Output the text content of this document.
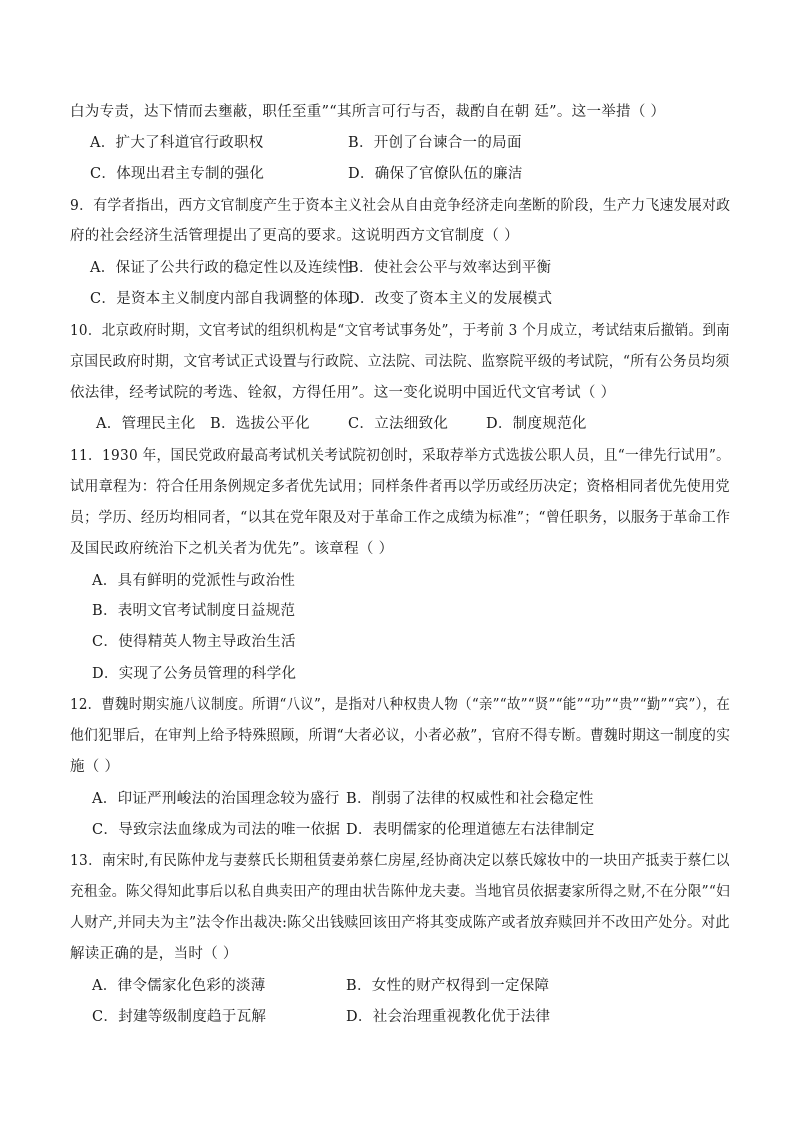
白为专责，达下情而去壅蔽，职任至重”“其所言可行与否，裁酌自在朝 廷”。这一举措（ ）
A．扩大了科道官行政职权	B．开创了台谏合一的局面
C．体现出君主专制的强化	D．确保了官僚队伍的廉洁
9．有学者指出，西方文官制度产生于资本主义社会从自由竞争经济走向垄断的阶段，生产力飞速发展对政
府的社会经济生活管理提出了更高的要求。这说明西方文官制度（ ）
A．保证了公共行政的稳定性以及连续性
B．使社会公平与效率达到平衡
C．是资本主义制度内部自我调整的体现
D．改变了资本主义的发展模式
10．北京政府时期，文官考试的组织机构是“文官考试事务处”，于考前 3 个月成立，考试结束后撤销。到南
京国民政府时期，文官考试正式设置与行政院、立法院、司法院、监察院平级的考试院，“所有公务员均须
依法律，经考试院的考选、铨叙，方得任用”。这一变化说明中国近代文官考试（ ）
A．管理民主化 B．选拔公平化	C．立法细致化	D．制度规范化
11．1930 年，国民党政府最高考试机关考试院初创时，采取荐举方式选拔公职人员，且“一律先行试用”。
试用章程为：符合任用条例规定多者优先试用；同样条件者再以学历或经历决定；资格相同者优先使用党
员；学历、经历均相同者，“以其在党年限及对于革命工作之成绩为标准”；“曾任职务，以服务于革命工作
及国民政府统治下之机关者为优先”。该章程（ ）
A．具有鲜明的党派性与政治性
B．表明文官考试制度日益规范
C．使得精英人物主导政治生活
D．实现了公务员管理的科学化
12．曹魏时期实施八议制度。所谓“八议”，是指对八种权贵人物（“亲”“故”“贤”“能”“功”“贵”“勤”“宾”），在
他们犯罪后，在审判上给予特殊照顾，所谓“大者必议，小者必赦”，官府不得专断。曹魏时期这一制度的实
施（ ）
A．印证严刑峻法的治国理念较为盛行 B．削弱了法律的权威性和社会稳定性
C．导致宗法血缘成为司法的唯一依据 D．表明儒家的伦理道德左右法律制定
13．南宋时,有民陈仲龙与妻蔡氏长期租赁妻弟蔡仁房屋,经协商决定以蔡氏嫁妆中的一块田产抵卖于蔡仁以
充租金。陈父得知此事后以私自典卖田产的理由状告陈仲龙夫妻。当地官员依据妻家所得之财,不在分限”“妇
人财产,并同夫为主”法令作出裁决:陈父出钱赎回该田产将其变成陈产或者放弃赎回并不改田产处分。对此
解读正确的是，当时（ ）
A．律令儒家化色彩的淡薄	B．女性的财产权得到一定保障
C．封建等级制度趋于瓦解	D．社会治理重视教化优于法律
